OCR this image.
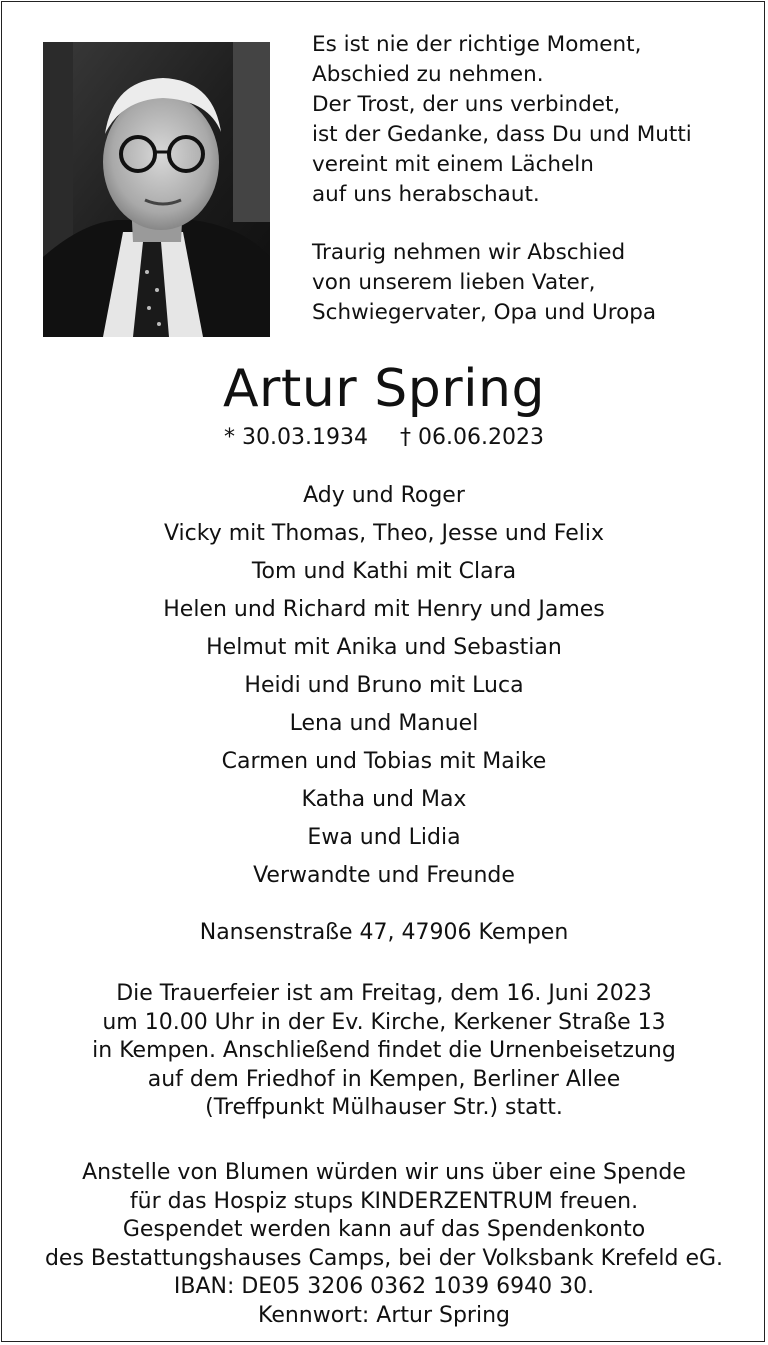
Es ist nie der richtige Moment,
Abschied zu nehmen.
Der Trost, der uns verbindet,
ist der Gedanke, dass Du und Mutti
vereint mit einem Lächeln
auf uns herabschaut.
Traurig nehmen wir Abschied
von unserem lieben Vater,
Schwiegervater, Opa und Uropa
Artur Spring
* 30.03.1934 † 06.06.2023
Ady und Roger
Vicky mit Thomas, Theo, Jesse und Felix
Tom und Kathi mit Clara
Helen und Richard mit Henry und James
Helmut mit Anika und Sebastian
Heidi und Bruno mit Luca
Lena und Manuel
Carmen und Tobias mit Maike
Katha und Max
Ewa und Lidia
Verwandte und Freunde
Nansenstraße 47, 47906 Kempen
Die Trauerfeier ist am Freitag, dem 16. Juni 2023
um 10.00 Uhr in der Ev. Kirche, Kerkener Straße 13
in Kempen. Anschließend findet die Urnenbeisetzung
auf dem Friedhof in Kempen, Berliner Allee
(Treffpunkt Mülhauser Str.) statt.
Anstelle von Blumen würden wir uns über eine Spende
für das Hospiz stups KINDERZENTRUM freuen.
Gespendet werden kann auf das Spendenkonto
des Bestattungshauses Camps, bei der Volksbank Krefeld eG.
IBAN: DE05 3206 0362 1039 6940 30.
Kennwort: Artur Spring
